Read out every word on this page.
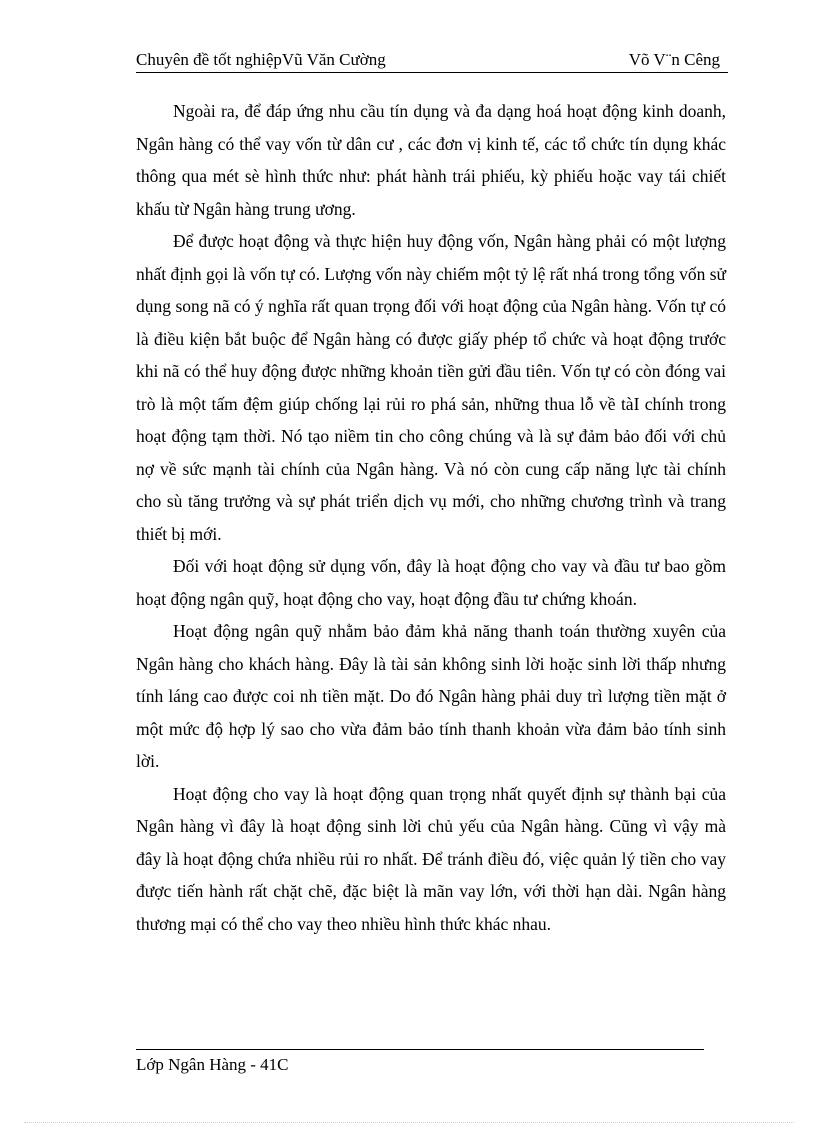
Chuyên đề tốt nghiệpVũ Văn Cường	Võ V¨n Cêng

Ngoài ra, để đáp ứng nhu cầu tín dụng và đa dạng hoá hoạt động kinh doanh, Ngân hàng có thể vay vốn từ dân cư , các đơn vị kinh tế, các tổ chức tín dụng khác thông qua mét sè hình thức như: phát hành trái phiếu, kỳ phiếu hoặc vay tái chiết khấu từ Ngân hàng trung ương.

Để được hoạt động và thực hiện huy động vốn, Ngân hàng phải có một lượng nhất định gọi là vốn tự có. Lượng vốn này chiếm một tỷ lệ rất nhá trong tổng vốn sử dụng song nã có ý nghĩa rất quan trọng đối với hoạt động của Ngân hàng. Vốn tự có là điều kiện bắt buộc để Ngân hàng có được giấy phép tổ chức và hoạt động trước khi nã có thể huy động được những khoản tiền gửi đầu tiên. Vốn tự có còn đóng vai trò là một tấm đệm giúp chống lại rủi ro phá sản, những thua lỗ về tàI chính trong hoạt động tạm thời. Nó tạo niềm tin cho công chúng và là sự đảm bảo đối với chủ nợ về sức mạnh tài chính của Ngân hàng. Và nó còn cung cấp năng lực tài chính cho sù tăng trưởng và sự phát triển dịch vụ mới, cho những chương trình và trang thiết bị mới.

Đối với hoạt động sử dụng vốn, đây là hoạt động cho vay và đầu tư bao gồm hoạt động ngân quỹ, hoạt động cho vay, hoạt động đầu tư chứng khoán.

Hoạt động ngân quỹ nhằm bảo đảm khả năng thanh toán thường xuyên của Ngân hàng cho khách hàng. Đây là tài sản không sinh lời hoặc sinh lời thấp nhưng tính láng cao được coi nh tiền mặt. Do đó Ngân hàng phải duy trì lượng tiền mặt ở một mức độ hợp lý sao cho vừa đảm bảo tính thanh khoản vừa đảm bảo tính sinh lời.

Hoạt động cho vay là hoạt động quan trọng nhất quyết định sự thành bại của Ngân hàng vì đây là hoạt động sinh lời chủ yếu của Ngân hàng. Cũng vì vậy mà đây là hoạt động chứa nhiều rủi ro nhất. Để tránh điều đó, việc quản lý tiền cho vay được tiến hành rất chặt chẽ, đặc biệt là mãn vay lớn, với thời hạn dài. Ngân hàng thương mại có thể cho vay theo nhiều hình thức khác nhau.

Lớp Ngân Hàng - 41C
